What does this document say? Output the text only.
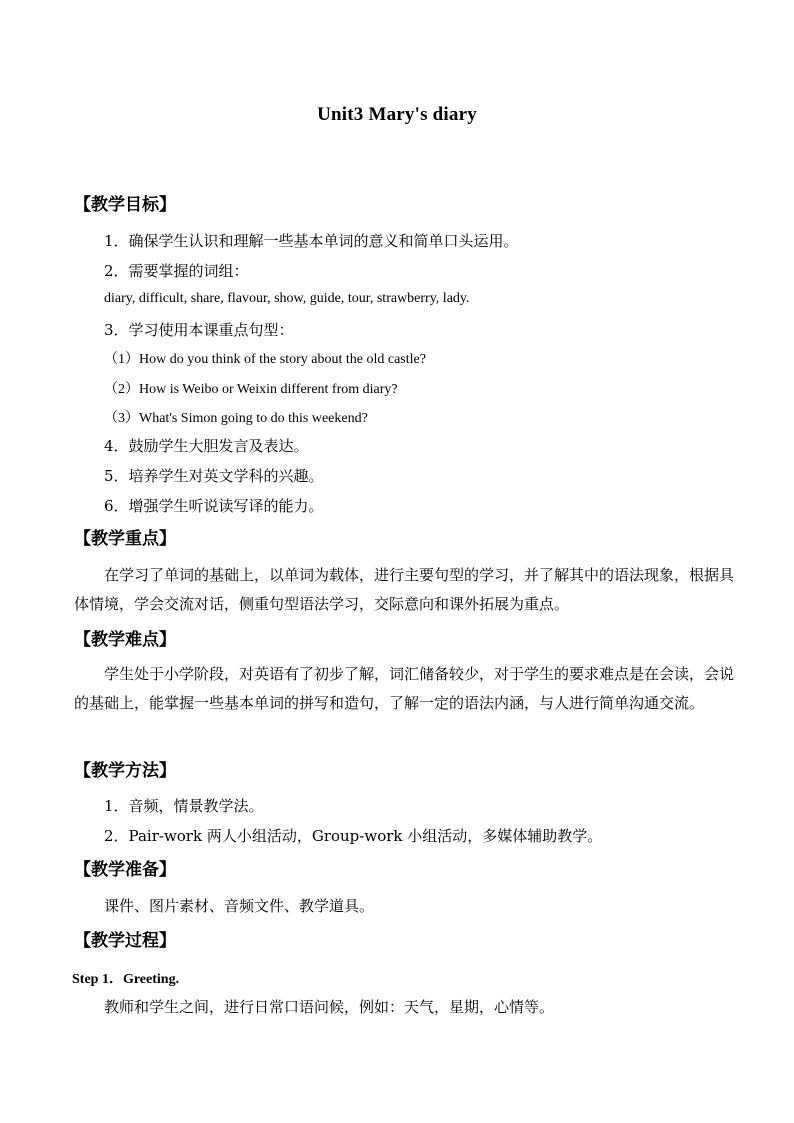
Unit3 Mary's diary
【教学目标】
1．确保学生认识和理解一些基本单词的意义和简单口头运用。
2．需要掌握的词组：
diary, difficult, share, flavour, show, guide, tour, strawberry, lady.
3．学习使用本课重点句型：
（1）How do you think of the story about the old castle?
（2）How is Weibo or Weixin different from diary?
（3）What's Simon going to do this weekend?
4．鼓励学生大胆发言及表达。
5．培养学生对英文学科的兴趣。
6．增强学生听说读写译的能力。
【教学重点】
在学习了单词的基础上，以单词为载体，进行主要句型的学习，并了解其中的语法现象，根据具体情境，学会交流对话，侧重句型语法学习，交际意向和课外拓展为重点。
【教学难点】
学生处于小学阶段，对英语有了初步了解，词汇储备较少，对于学生的要求难点是在会读，会说的基础上，能掌握一些基本单词的拼写和造句，了解一定的语法内涵，与人进行简单沟通交流。
【教学方法】
1．音频，情景教学法。
2．Pair-work 两人小组活动，Group-work 小组活动，多媒体辅助教学。
【教学准备】
课件、图片素材、音频文件、教学道具。
【教学过程】
Step 1．Greeting.
教师和学生之间，进行日常口语问候，例如：天气，星期，心情等。
